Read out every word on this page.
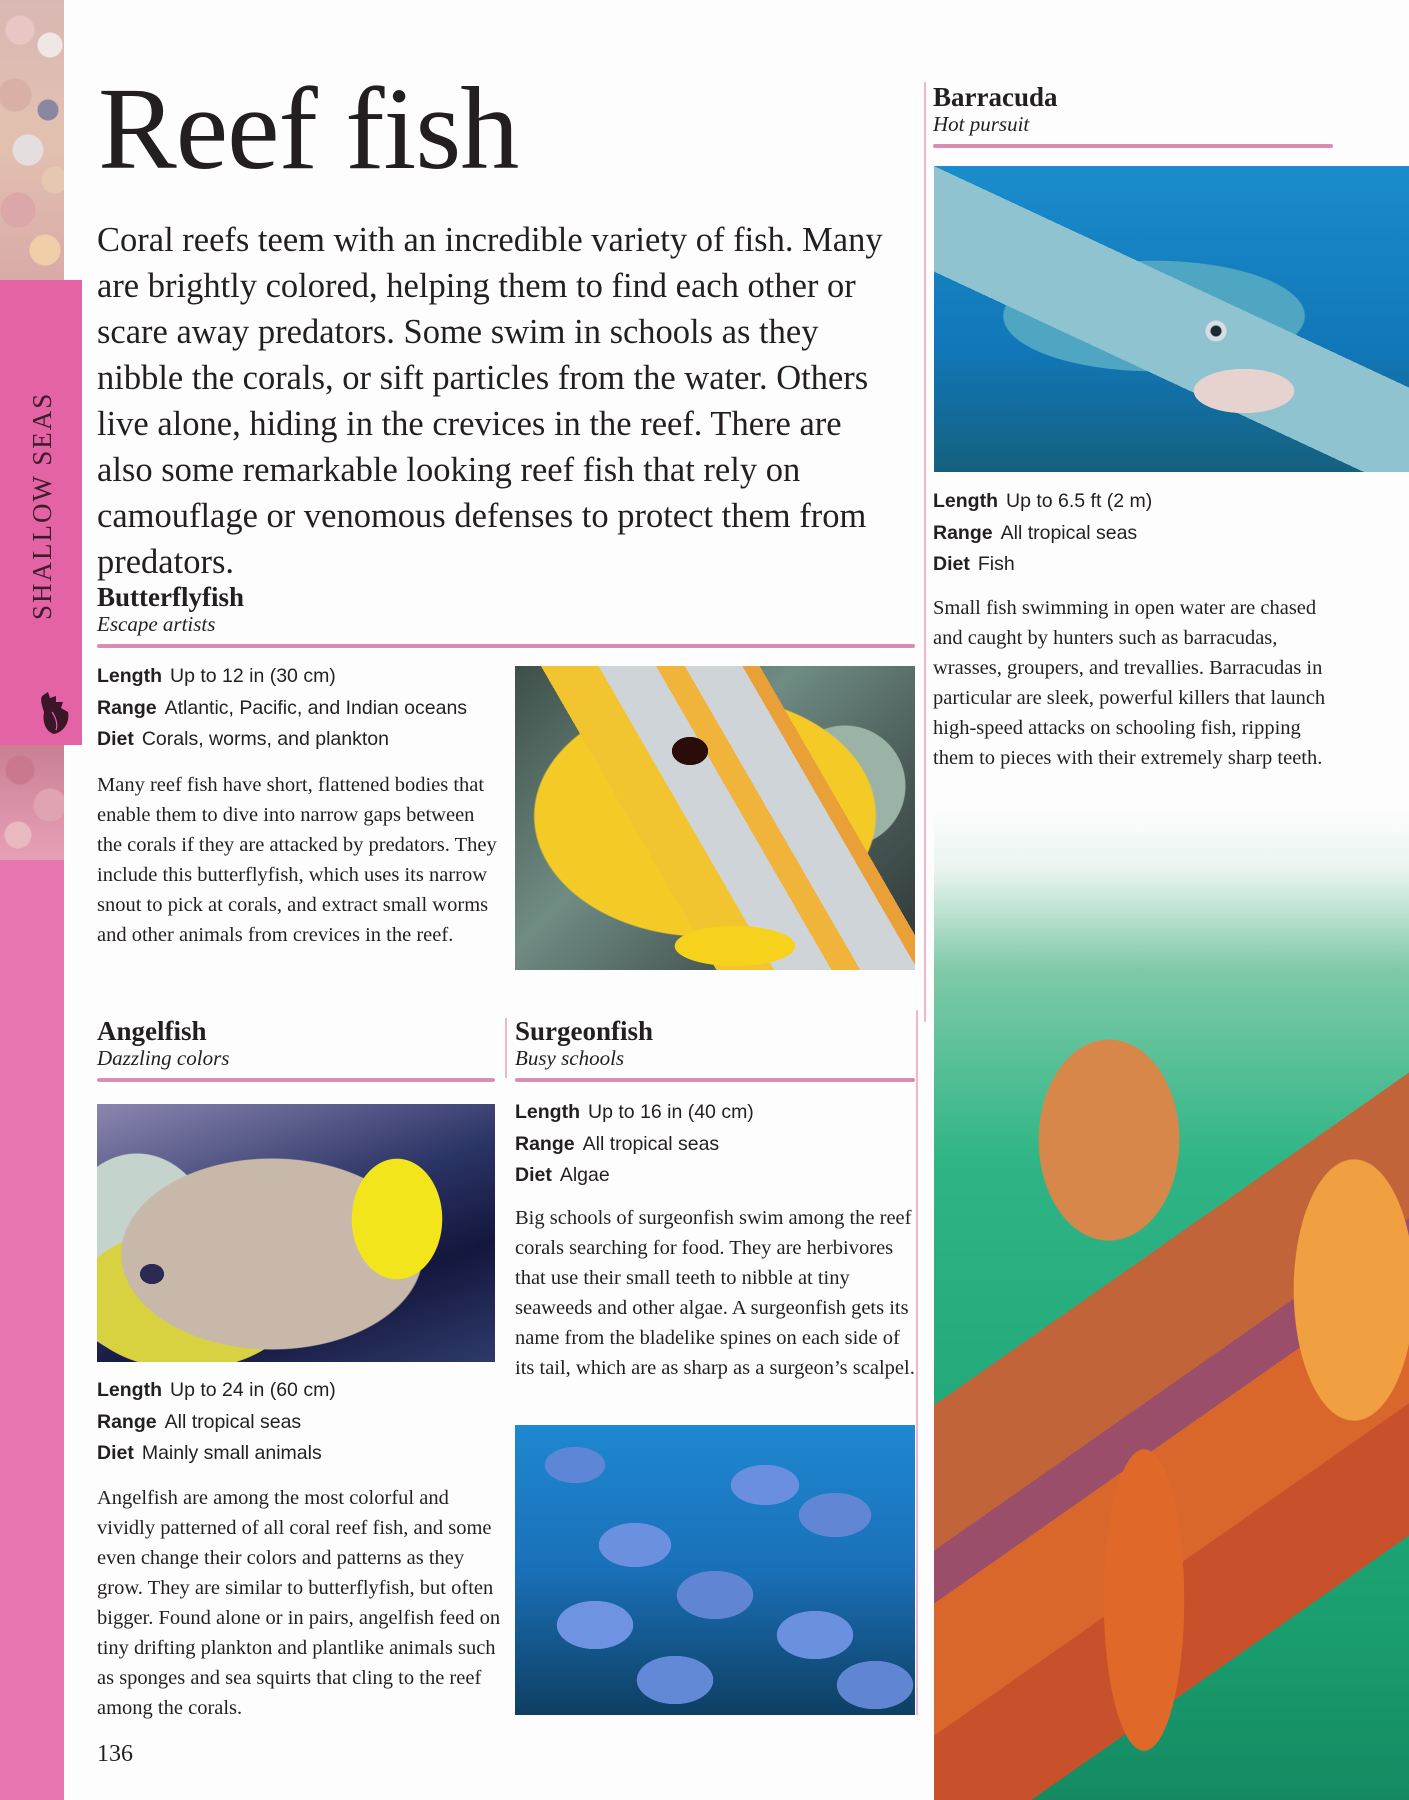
SHALLOW SEAS
Reef fish

Coral reefs teem with an incredible variety of fish. Many are brightly colored, helping them to find each other or scare away predators. Some swim in schools as they nibble the corals, or sift particles from the water. Others live alone, hiding in the crevices in the reef. There are also some remarkable looking reef fish that rely on camouflage or venomous defenses to protect them from predators.

Butterflyfish
Escape artists
Length Up to 12 in (30 cm)
Range Atlantic, Pacific, and Indian oceans
Diet Corals, worms, and plankton

Many reef fish have short, flattened bodies that enable them to dive into narrow gaps between the corals if they are attacked by predators. They include this butterflyfish, which uses its narrow snout to pick at corals, and extract small worms and other animals from crevices in the reef.

Angelfish
Dazzling colors
Length Up to 24 in (60 cm)
Range All tropical seas
Diet Mainly small animals

Angelfish are among the most colorful and vividly patterned of all coral reef fish, and some even change their colors and patterns as they grow. They are similar to butterflyfish, but often bigger. Found alone or in pairs, angelfish feed on tiny drifting plankton and plantlike animals such as sponges and sea squirts that cling to the reef among the corals.

Surgeonfish
Busy schools
Length Up to 16 in (40 cm)
Range All tropical seas
Diet Algae

Big schools of surgeonfish swim among the reef corals searching for food. They are herbivores that use their small teeth to nibble at tiny seaweeds and other algae. A surgeonfish gets its name from the bladelike spines on each side of its tail, which are as sharp as a surgeon’s scalpel.

Barracuda
Hot pursuit
Length Up to 6.5 ft (2 m)
Range All tropical seas
Diet Fish

Small fish swimming in open water are chased and caught by hunters such as barracudas, wrasses, groupers, and trevallies. Barracudas in particular are sleek, powerful killers that launch high-speed attacks on schooling fish, ripping them to pieces with their extremely sharp teeth.

136
